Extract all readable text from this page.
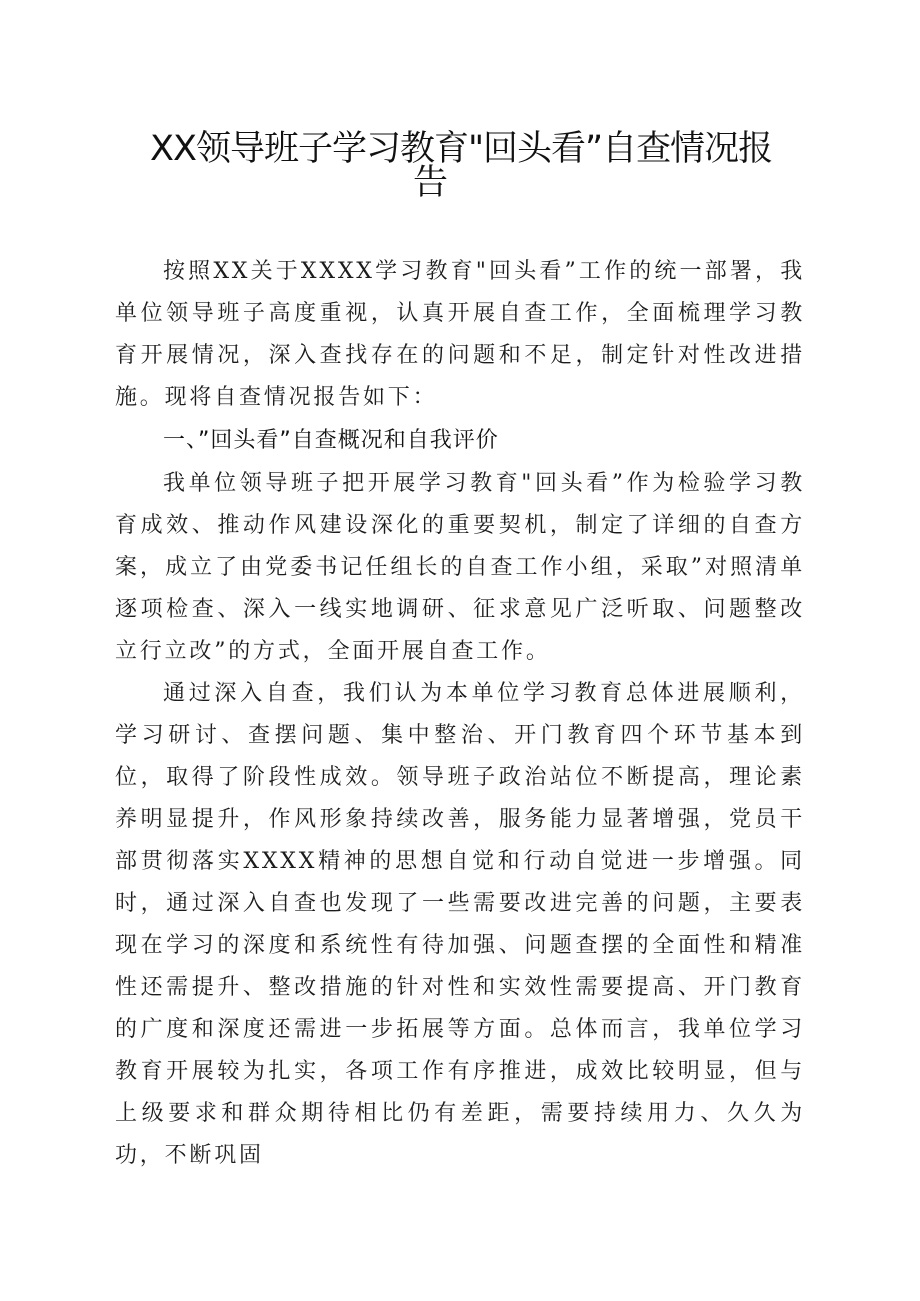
XX领导班子学习教育"回头看”自查情况报
告

按照XX关于XXXX学习教育"回头看”工作的统一部署，我单位领导班子高度重视，认真开展自查工作，全面梳理学习教育开展情况，深入查找存在的问题和不足，制定针对性改进措施。现将自查情况报告如下：

一、”回头看”自查概况和自我评价

我单位领导班子把开展学习教育"回头看”作为检验学习教育成效、推动作风建设深化的重要契机，制定了详细的自查方案，成立了由党委书记任组长的自查工作小组，采取”对照清单逐项检查、深入一线实地调研、征求意见广泛听取、问题整改立行立改”的方式，全面开展自查工作。

通过深入自查，我们认为本单位学习教育总体进展顺利，学习研讨、查摆问题、集中整治、开门教育四个环节基本到位，取得了阶段性成效。领导班子政治站位不断提高，理论素养明显提升，作风形象持续改善，服务能力显著增强，党员干部贯彻落实XXXX精神的思想自觉和行动自觉进一步增强。同时，通过深入自查也发现了一些需要改进完善的问题，主要表现在学习的深度和系统性有待加强、问题查摆的全面性和精准性还需提升、整改措施的针对性和实效性需要提高、开门教育的广度和深度还需进一步拓展等方面。总体而言，我单位学习教育开展较为扎实，各项工作有序推进，成效比较明显，但与上级要求和群众期待相比仍有差距，需要持续用力、久久为功，不断巩固
